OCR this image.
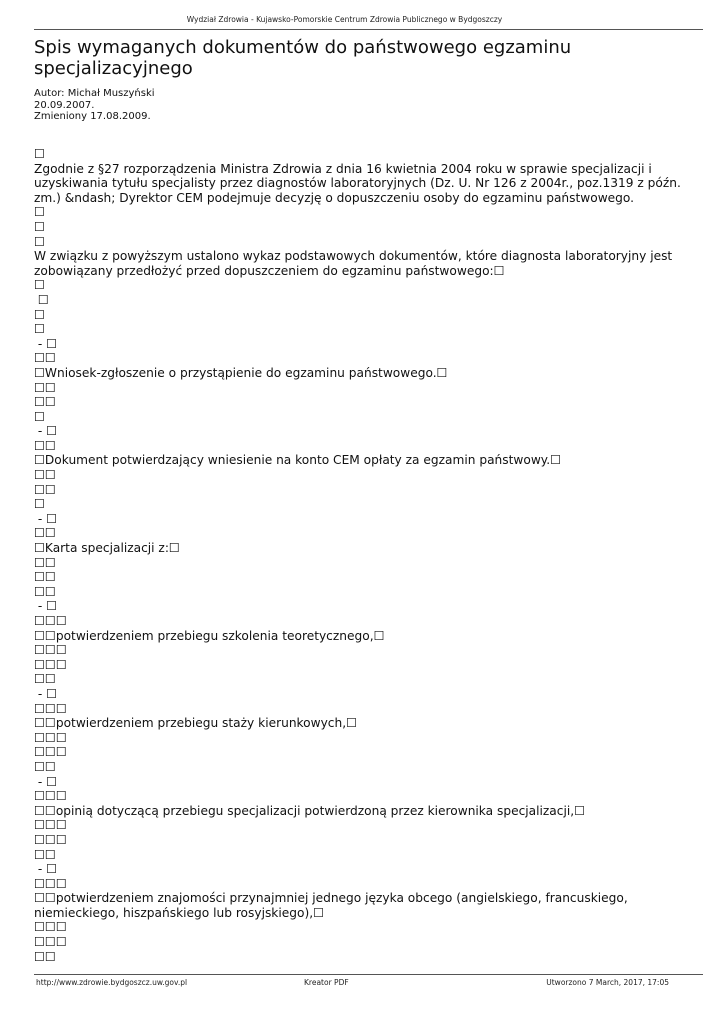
Wydział Zdrowia - Kujawsko-Pomorskie Centrum Zdrowia Publicznego w Bydgoszczy
Spis wymaganych dokumentów do państwowego egzaminu specjalizacyjnego
Autor: Michał Muszyński
20.09.2007.
Zmieniony 17.08.2009.
☐
Zgodnie z §27 rozporządzenia Ministra Zdrowia z dnia 16 kwietnia 2004 roku w sprawie specjalizacji i uzyskiwania tytułu specjalisty przez diagnostów laboratoryjnych (Dz. U. Nr 126 z 2004r., poz.1319 z późn. zm.) &ndash; Dyrektor CEM podejmuje decyzję o dopuszczeniu osoby do egzaminu państwowego.
☐
☐
☐
W związku z powyższym ustalono wykaz podstawowych dokumentów, które diagnosta laboratoryjny jest zobowiązany przedłożyć przed dopuszczeniem do egzaminu państwowego:☐
☐
☐
☐
☐
- ☐
☐☐
☐Wniosek-zgłoszenie o przystąpienie do egzaminu państwowego.☐
☐☐
☐☐
☐
- ☐
☐☐
☐Dokument potwierdzający wniesienie na konto CEM opłaty za egzamin państwowy.☐
☐☐
☐☐
☐
- ☐
☐☐
☐Karta specjalizacji z:☐
☐☐
☐☐
☐☐
- ☐
☐☐☐
☐☐potwierdzeniem przebiegu szkolenia teoretycznego,☐
☐☐☐
☐☐☐
☐☐
- ☐
☐☐☐
☐☐potwierdzeniem przebiegu staży kierunkowych,☐
☐☐☐
☐☐☐
☐☐
- ☐
☐☐☐
☐☐opinią dotyczącą przebiegu specjalizacji potwierdzoną przez kierownika specjalizacji,☐
☐☐☐
☐☐☐
☐☐
- ☐
☐☐☐
☐☐potwierdzeniem znajomości przynajmniej jednego języka obcego (angielskiego, francuskiego, niemieckiego, hiszpańskiego lub rosyjskiego),☐
☐☐☐
☐☐☐
☐☐
http://www.zdrowie.bydgoszcz.uw.gov.pl	Kreator PDF	Utworzono 7 March, 2017, 17:05
